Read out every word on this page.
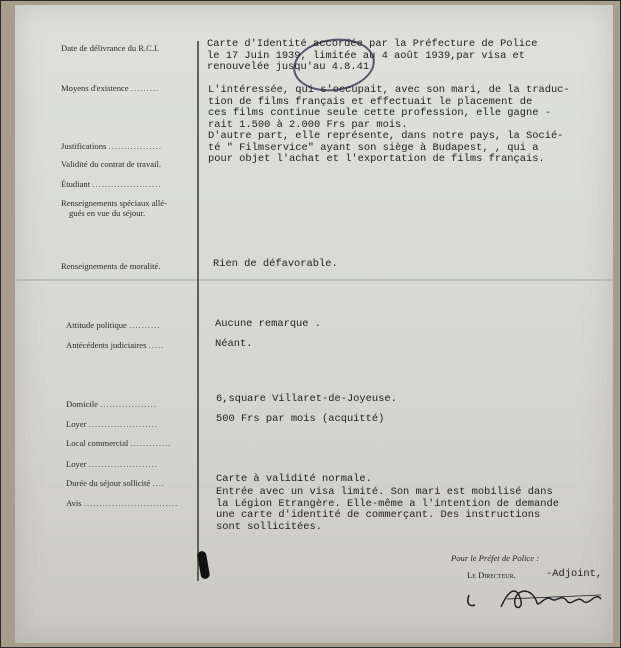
Date de délivrance du R.C.I.
Moyens d'existence .........
Justifications .................
Validité du contrat de travail.
Étudiant ......................
Renseignements spéciaux allé-
gués en vue du séjour.
Renseignements de moralité.
Attitude politique ..........
Antécédents judiciaires .....
Domicile ..................
Loyer ......................
Local commercial .............
Loyer ......................
Durée du séjour sollicité ....
Avis ..............................
Carte d'Identité accordée par la Préfecture de Police
le 17 Juin 1939, limitée au 4 août 1939,par visa et
renouvelée jusqu'au 4.8.41
L'intéressée, qui s'occupait, avec son mari, de la traduc-
tion de films français et effectuait le placement de
ces films continue seule cette profession, elle gagne -
rait 1.500 à 2.000 Frs par mois.
D'autre part, elle représente, dans notre pays, la Socié-
té " Filmservice" ayant son siège à Budapest, , qui a
pour objet l'achat et l'exportation de films français.
Rien de défavorable.
Aucune remarque .
Néant.
6,square Villaret-de-Joyeuse.
500 Frs par mois (acquitté)
Carte à validité normale.
Entrée avec un visa limité. Son mari est mobilisé dans
la Légion Etrangère. Elle-même a l'intention de demande
une carte d'identité de commerçant. Des instructions
sont sollicitées.
Pour le Préfet de Police :
Le Directeur.	-Adjoint,
